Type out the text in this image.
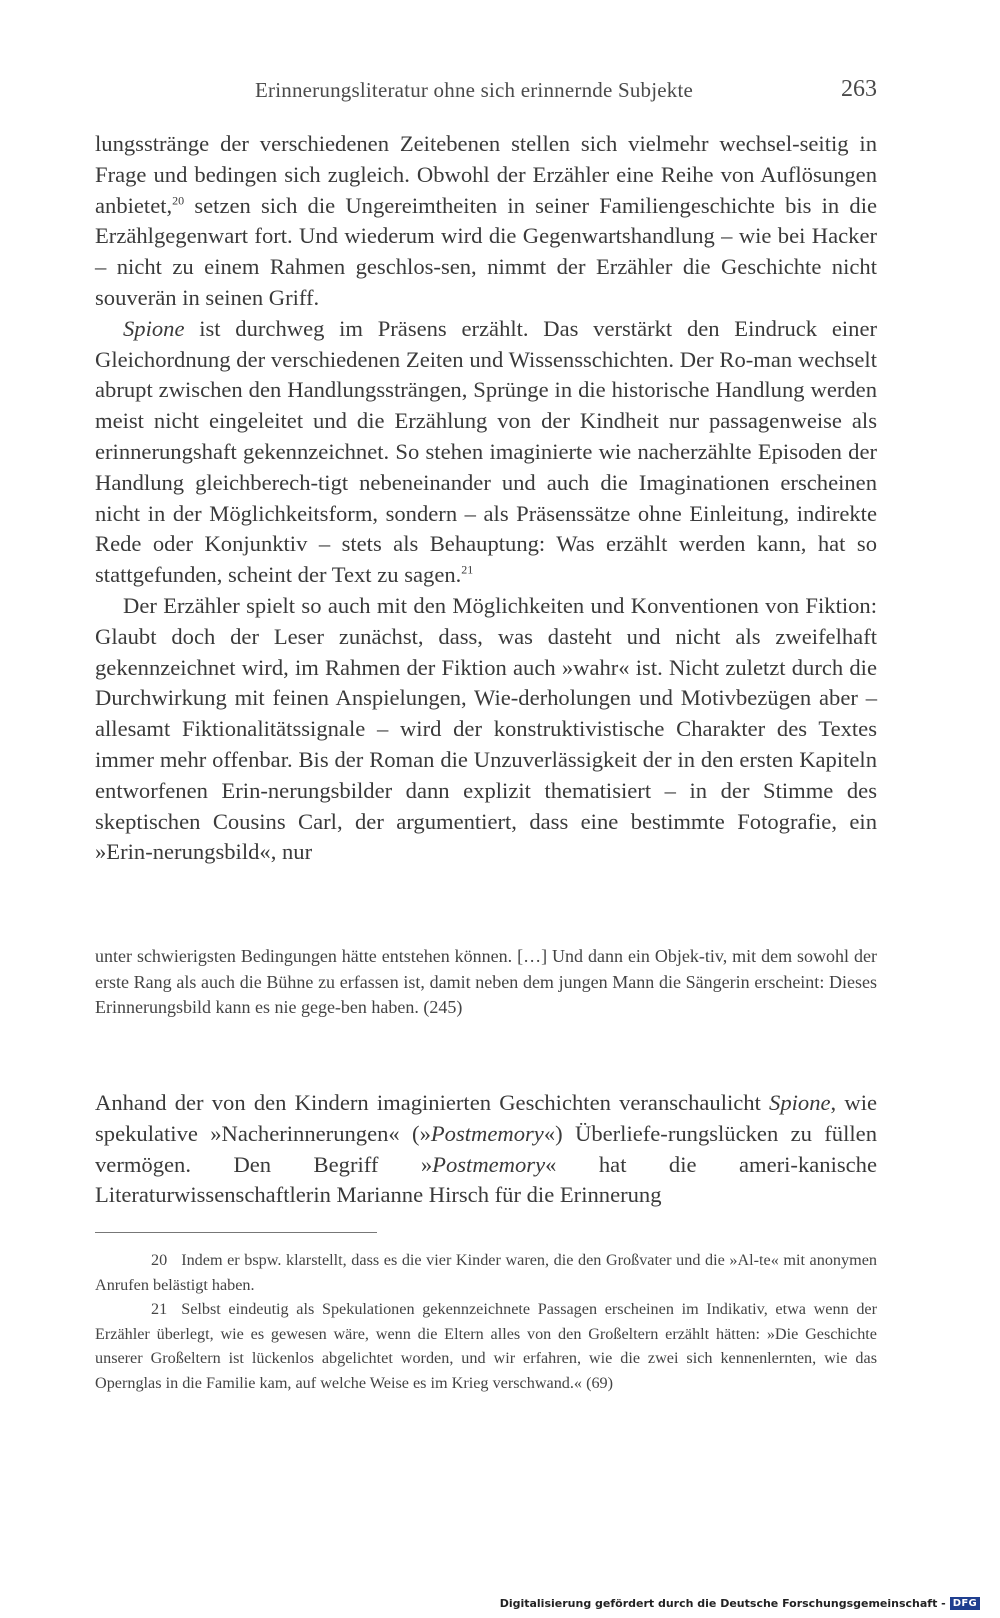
Erinnerungsliteratur ohne sich erinnernde Subjekte	263

lungsstränge der verschiedenen Zeitebenen stellen sich vielmehr wechsel-seitig in Frage und bedingen sich zugleich. Obwohl der Erzähler eine Reihe von Auflösungen anbietet,$^{20}$ setzen sich die Ungereimtheiten in seiner Familiengeschichte bis in die Erzählgegenwart fort. Und wiederum wird die Gegenwartshandlung – wie bei Hacker – nicht zu einem Rahmen geschlos-sen, nimmt der Erzähler die Geschichte nicht souverän in seinen Griff.

Spione ist durchweg im Präsens erzählt. Das verstärkt den Eindruck einer Gleichordnung der verschiedenen Zeiten und Wissensschichten. Der Ro-man wechselt abrupt zwischen den Handlungssträngen, Sprünge in die historische Handlung werden meist nicht eingeleitet und die Erzählung von der Kindheit nur passagenweise als erinnerungshaft gekennzeichnet. So stehen imaginierte wie nacherzählte Episoden der Handlung gleichberech-tigt nebeneinander und auch die Imaginationen erscheinen nicht in der Möglichkeitsform, sondern – als Präsenssätze ohne Einleitung, indirekte Rede oder Konjunktiv – stets als Behauptung: Was erzählt werden kann, hat so stattgefunden, scheint der Text zu sagen.$^{21}$

Der Erzähler spielt so auch mit den Möglichkeiten und Konventionen von Fiktion: Glaubt doch der Leser zunächst, dass, was dasteht und nicht als zweifelhaft gekennzeichnet wird, im Rahmen der Fiktion auch »wahr« ist. Nicht zuletzt durch die Durchwirkung mit feinen Anspielungen, Wie-derholungen und Motivbezügen aber – allesamt Fiktionalitätssignale – wird der konstruktivistische Charakter des Textes immer mehr offenbar. Bis der Roman die Unzuverlässigkeit der in den ersten Kapiteln entworfenen Erin-nerungsbilder dann explizit thematisiert – in der Stimme des skeptischen Cousins Carl, der argumentiert, dass eine bestimmte Fotografie, ein »Erin-nerungsbild«, nur

unter schwierigsten Bedingungen hätte entstehen können. […] Und dann ein Objek-tiv, mit dem sowohl der erste Rang als auch die Bühne zu erfassen ist, damit neben dem jungen Mann die Sängerin erscheint: Dieses Erinnerungsbild kann es nie gege-ben haben. (245)

Anhand der von den Kindern imaginierten Geschichten veranschaulicht Spione, wie spekulative »Nacherinnerungen« (»Postmemory«) Überliefe-rungslücken zu füllen vermögen. Den Begriff »Postmemory« hat die ameri-kanische Literaturwissenschaftlerin Marianne Hirsch für die Erinnerung

20 Indem er bspw. klarstellt, dass es die vier Kinder waren, die den Großvater und die »Al-te« mit anonymen Anrufen belästigt haben.

21 Selbst eindeutig als Spekulationen gekennzeichnete Passagen erscheinen im Indikativ, etwa wenn der Erzähler überlegt, wie es gewesen wäre, wenn die Eltern alles von den Großeltern erzählt hätten: »Die Geschichte unserer Großeltern ist lückenlos abgelichtet worden, und wir erfahren, wie die zwei sich kennenlernten, wie das Opernglas in die Familie kam, auf welche Weise es im Krieg verschwand.« (69)

Digitalisierung gefördert durch die Deutsche Forschungsgemeinschaft - DFG
